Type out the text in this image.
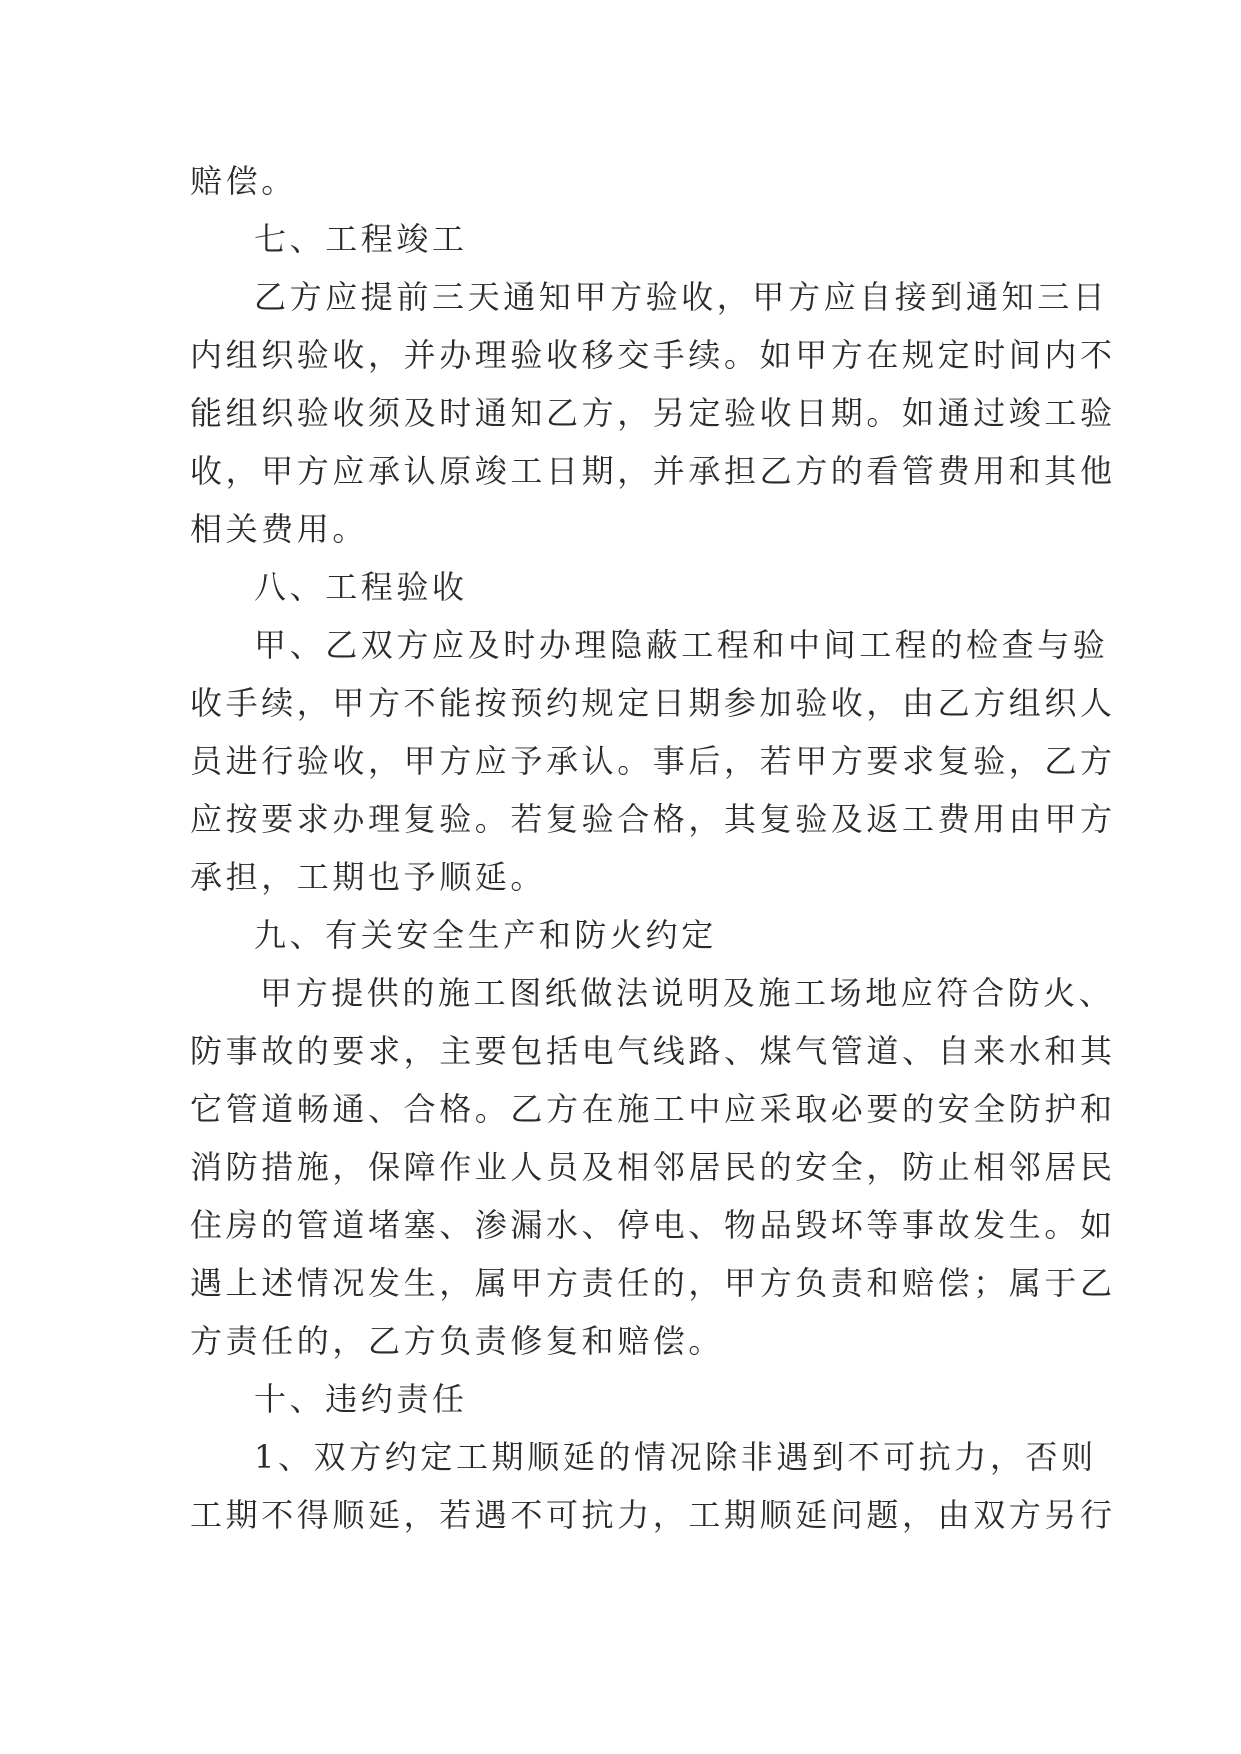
赔偿。
七、工程竣工
乙方应提前三天通知甲方验收，甲方应自接到通知三日
内组织验收，并办理验收移交手续。如甲方在规定时间内不
能组织验收须及时通知乙方，另定验收日期。如通过竣工验
收，甲方应承认原竣工日期，并承担乙方的看管费用和其他
相关费用。
八、工程验收
甲、乙双方应及时办理隐蔽工程和中间工程的检查与验
收手续，甲方不能按预约规定日期参加验收，由乙方组织人
员进行验收，甲方应予承认。事后，若甲方要求复验，乙方
应按要求办理复验。若复验合格，其复验及返工费用由甲方
承担，工期也予顺延。
九、有关安全生产和防火约定
甲方提供的施工图纸做法说明及施工场地应符合防火、
防事故的要求，主要包括电气线路、煤气管道、自来水和其
它管道畅通、合格。乙方在施工中应采取必要的安全防护和
消防措施，保障作业人员及相邻居民的安全，防止相邻居民
住房的管道堵塞、渗漏水、停电、物品毁坏等事故发生。如
遇上述情况发生，属甲方责任的，甲方负责和赔偿；属于乙
方责任的，乙方负责修复和赔偿。
十、违约责任
1、双方约定工期顺延的情况除非遇到不可抗力，否则
工期不得顺延，若遇不可抗力，工期顺延问题，由双方另行
